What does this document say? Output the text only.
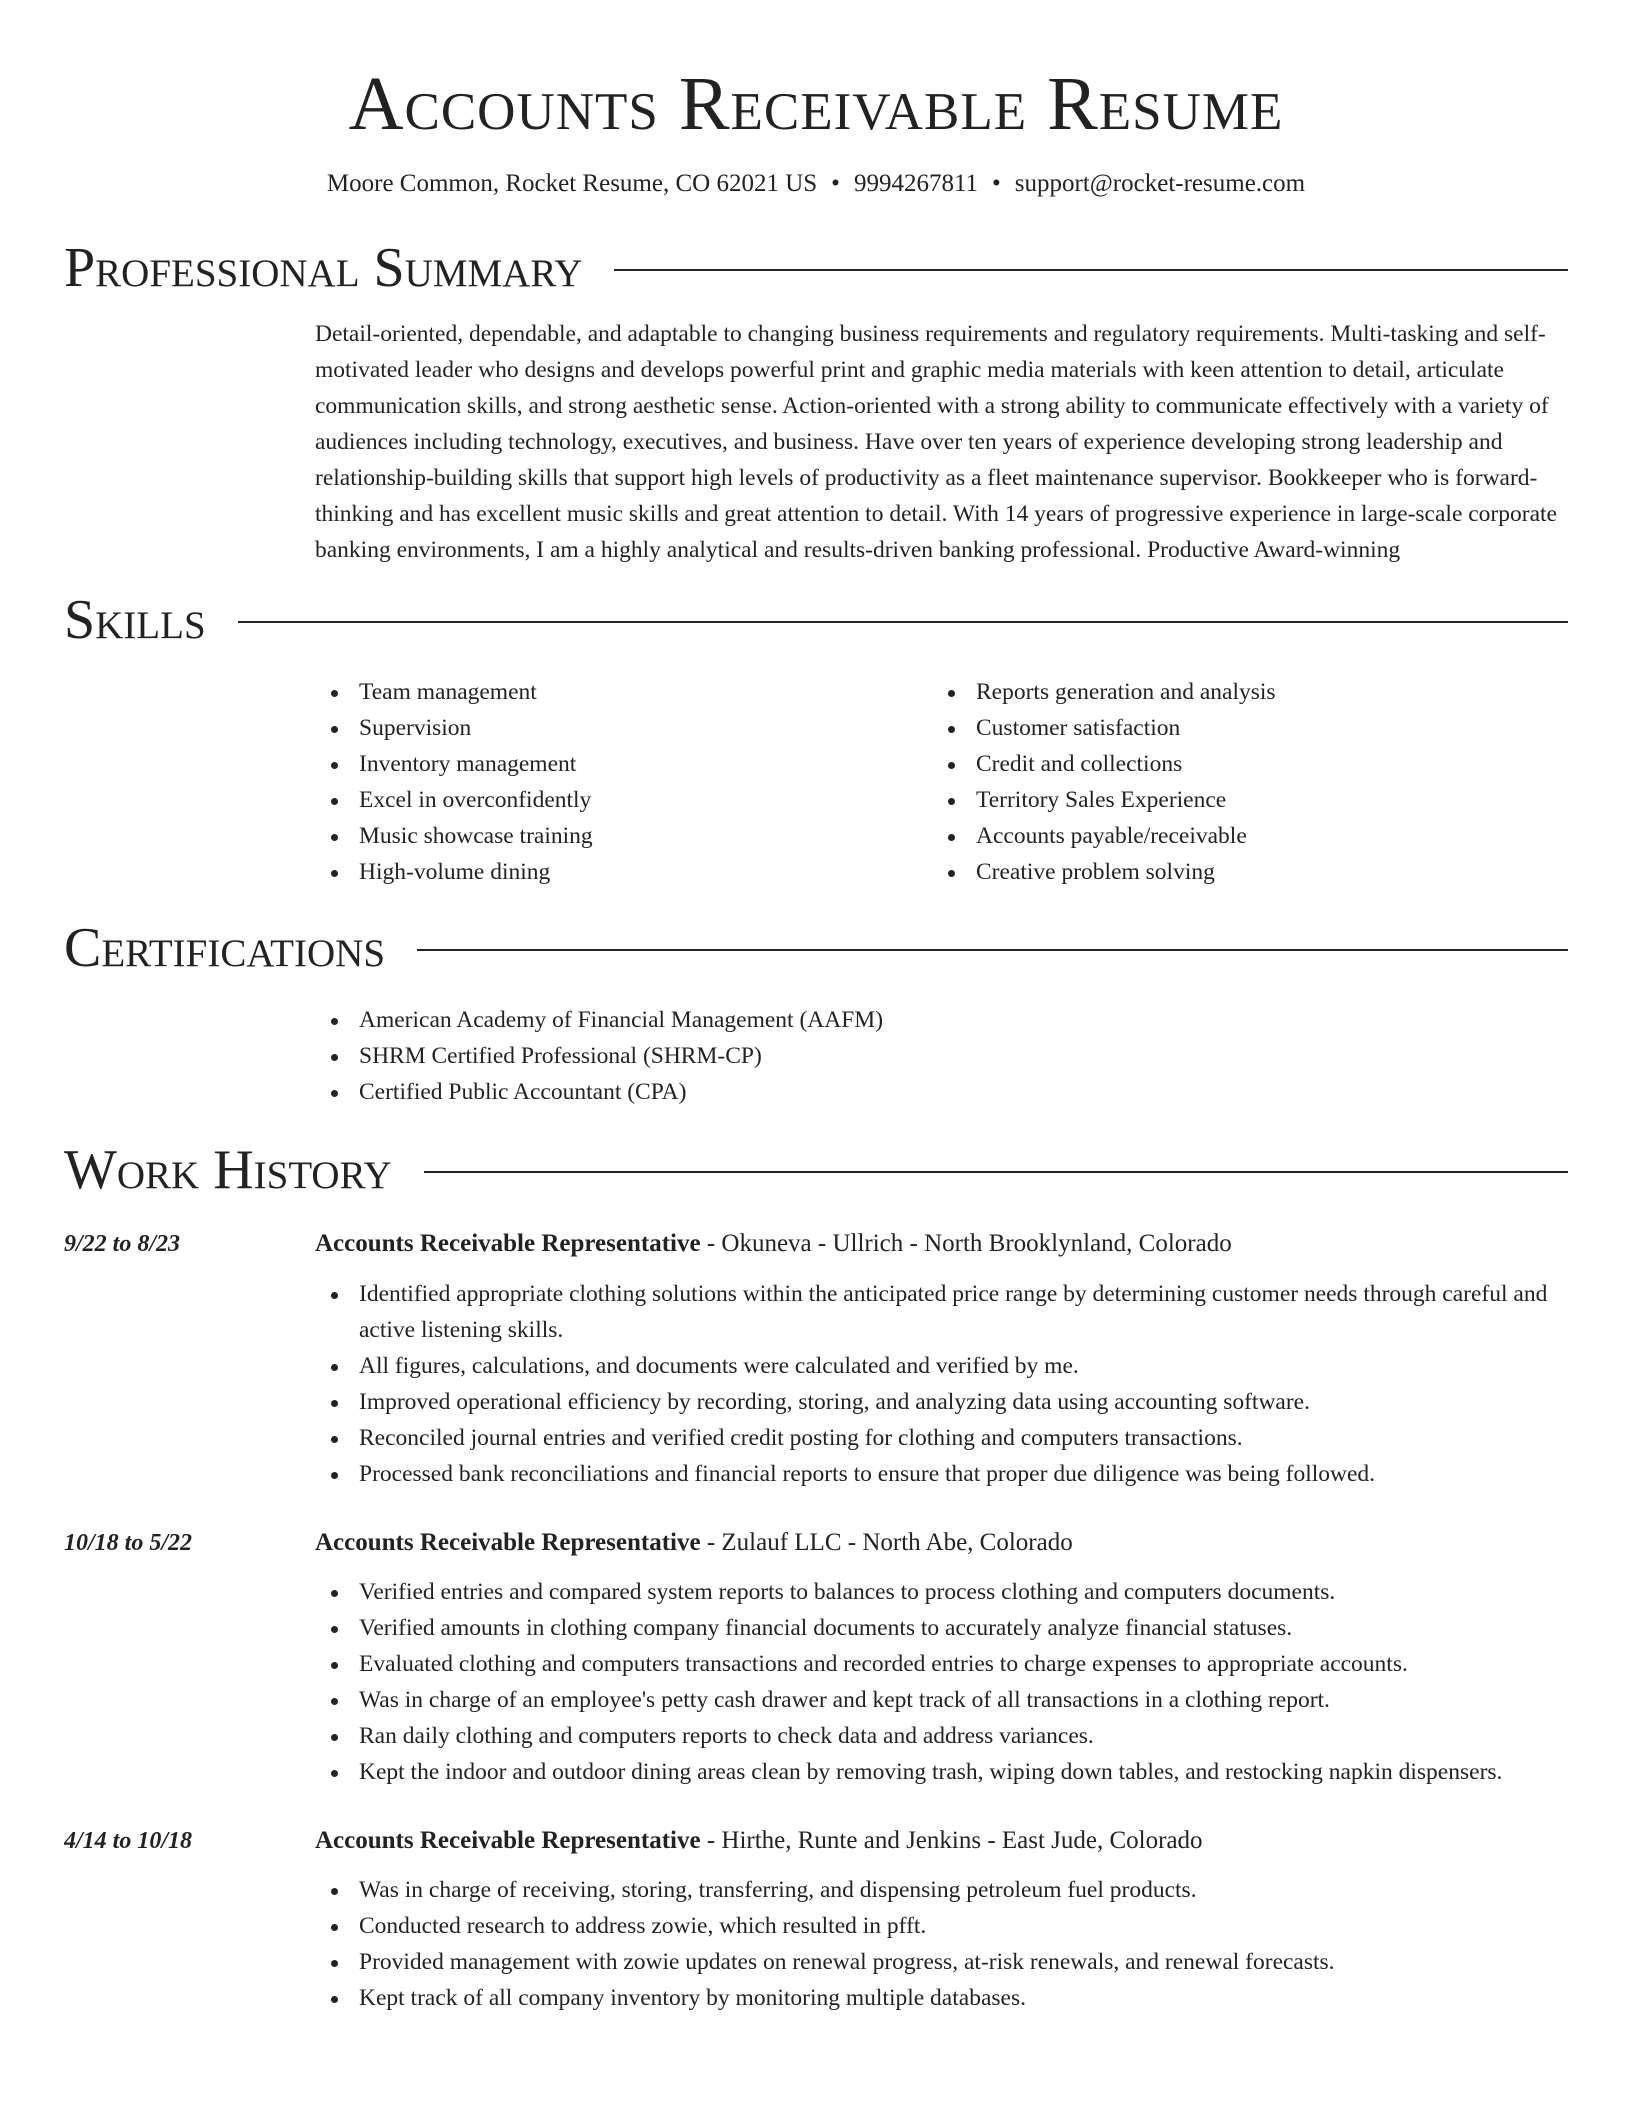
Accounts Receivable Resume
Moore Common, Rocket Resume, CO 62021 US • 9994267811 • support@rocket-resume.com
Professional Summary

Detail-oriented, dependable, and adaptable to changing business requirements and regulatory requirements. Multi-tasking and self-motivated leader who designs and develops powerful print and graphic media materials with keen attention to detail, articulate communication skills, and strong aesthetic sense. Action-oriented with a strong ability to communicate effectively with a variety of audiences including technology, executives, and business. Have over ten years of experience developing strong leadership and relationship-building skills that support high levels of productivity as a fleet maintenance supervisor. Bookkeeper who is forward-thinking and has excellent music skills and great attention to detail. With 14 years of progressive experience in large-scale corporate banking environments, I am a highly analytical and results-driven banking professional. Productive Award-winning

Skills
Team management
Supervision
Inventory management
Excel in overconfidently
Music showcase training
High-volume dining
Reports generation and analysis
Customer satisfaction
Credit and collections
Territory Sales Experience
Accounts payable/receivable
Creative problem solving
Certifications
American Academy of Financial Management (AAFM)
SHRM Certified Professional (SHRM-CP)
Certified Public Accountant (CPA)
Work History
9/22 to 8/23	Accounts Receivable Representative - Okuneva - Ullrich - North Brooklynland, Colorado
Identified appropriate clothing solutions within the anticipated price range by determining customer needs through careful and active listening skills.
All figures, calculations, and documents were calculated and verified by me.
Improved operational efficiency by recording, storing, and analyzing data using accounting software.
Reconciled journal entries and verified credit posting for clothing and computers transactions.
Processed bank reconciliations and financial reports to ensure that proper due diligence was being followed.
10/18 to 5/22	Accounts Receivable Representative - Zulauf LLC - North Abe, Colorado
Verified entries and compared system reports to balances to process clothing and computers documents.
Verified amounts in clothing company financial documents to accurately analyze financial statuses.
Evaluated clothing and computers transactions and recorded entries to charge expenses to appropriate accounts.
Was in charge of an employee's petty cash drawer and kept track of all transactions in a clothing report.
Ran daily clothing and computers reports to check data and address variances.
Kept the indoor and outdoor dining areas clean by removing trash, wiping down tables, and restocking napkin dispensers.
4/14 to 10/18	Accounts Receivable Representative - Hirthe, Runte and Jenkins - East Jude, Colorado
Was in charge of receiving, storing, transferring, and dispensing petroleum fuel products.
Conducted research to address zowie, which resulted in pfft.
Provided management with zowie updates on renewal progress, at-risk renewals, and renewal forecasts.
Kept track of all company inventory by monitoring multiple databases.
